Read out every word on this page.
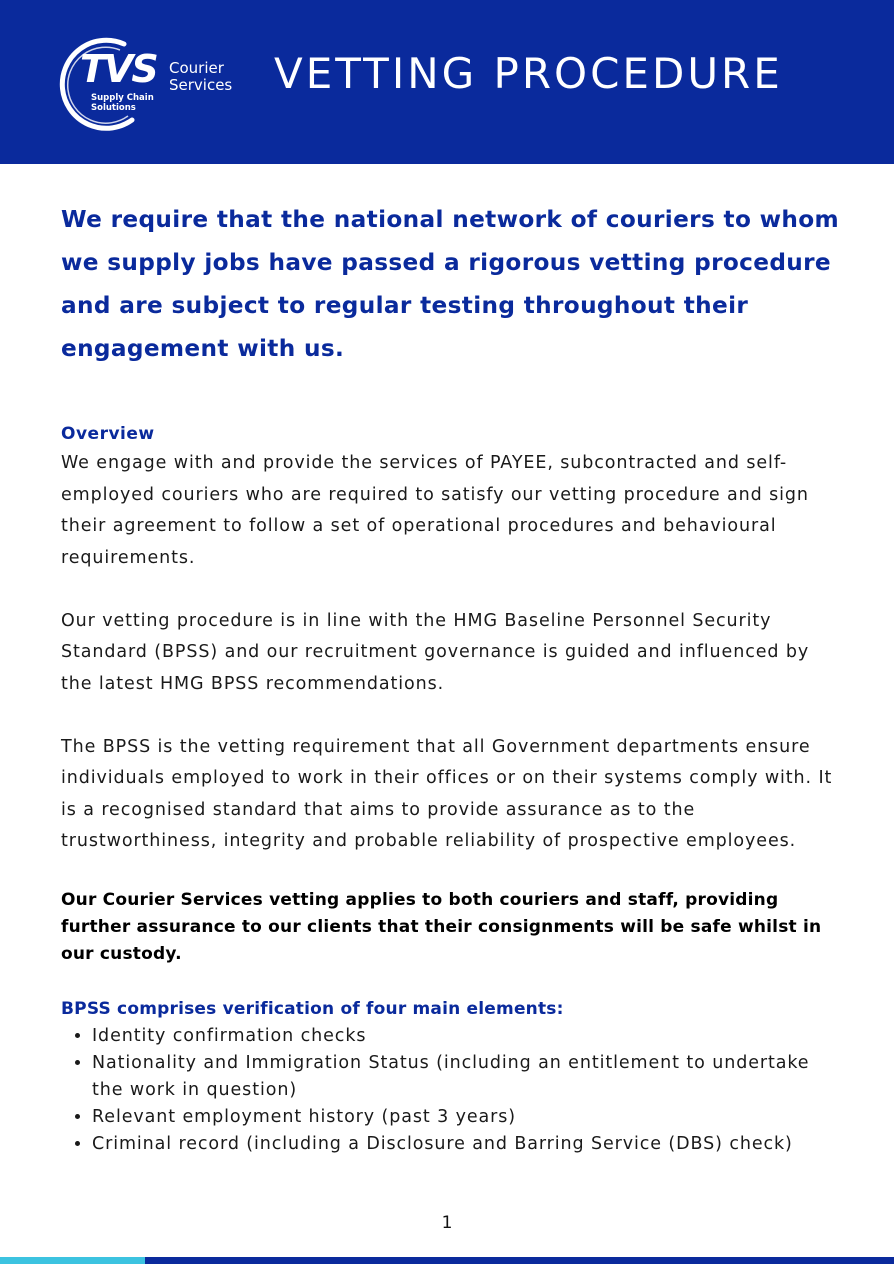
TVS
Supply Chain Solutions
Courier
Services VETTING PROCEDURE

We require that the national network of couriers to whom we supply jobs have passed a rigorous vetting procedure and are subject to regular testing throughout their engagement with us.

Overview

We engage with and provide the services of PAYEE, subcontracted and self-employed couriers who are required to satisfy our vetting procedure and sign their agreement to follow a set of operational procedures and behavioural requirements.

Our vetting procedure is in line with the HMG Baseline Personnel Security Standard (BPSS) and our recruitment governance is guided and influenced by the latest HMG BPSS recommendations.

The BPSS is the vetting requirement that all Government departments ensure individuals employed to work in their offices or on their systems comply with. It is a recognised standard that aims to provide assurance as to the trustworthiness, integrity and probable reliability of prospective employees.

Our Courier Services vetting applies to both couriers and staff, providing further assurance to our clients that their consignments will be safe whilst in our custody.

BPSS comprises verification of four main elements:
• Identity confirmation checks
• Nationality and Immigration Status (including an entitlement to undertake the work in question)
• Relevant employment history (past 3 years)
• Criminal record (including a Disclosure and Barring Service (DBS) check)
1
